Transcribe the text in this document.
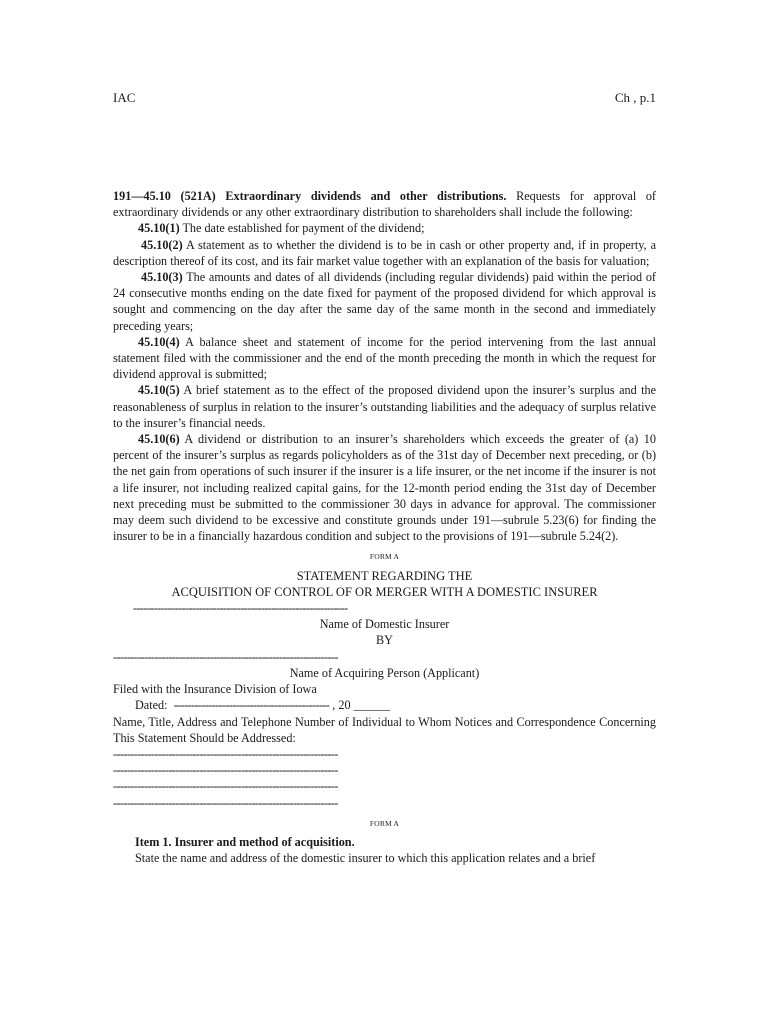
IAC	Ch , p.1

191—45.10 (521A) Extraordinary dividends and other distributions. Requests for approval of extraordinary dividends or any other extraordinary distribution to shareholders shall include the following:

45.10(1) The date established for payment of the dividend;

45.10(2) A statement as to whether the dividend is to be in cash or other property and, if in property, a description thereof of its cost, and its fair market value together with an explanation of the basis for valuation;

45.10(3) The amounts and dates of all dividends (including regular dividends) paid within the period of 24 consecutive months ending on the date fixed for payment of the proposed dividend for which approval is sought and commencing on the day after the same day of the same month in the second and immediately preceding years;

45.10(4) A balance sheet and statement of income for the period intervening from the last annual statement filed with the commissioner and the end of the month preceding the month in which the request for dividend approval is submitted;

45.10(5) A brief statement as to the effect of the proposed dividend upon the insurer’s surplus and the reasonableness of surplus in relation to the insurer’s outstanding liabilities and the adequacy of surplus relative to the insurer’s financial needs.

45.10(6) A dividend or distribution to an insurer’s shareholders which exceeds the greater of (a) 10 percent of the insurer’s surplus as regards policyholders as of the 31st day of December next preceding, or (b) the net gain from operations of such insurer if the insurer is a life insurer, or the net income if the insurer is not a life insurer, not including realized capital gains, for the 12-month period ending the 31st day of December next preceding must be submitted to the commissioner 30 days in advance for approval. The commissioner may deem such dividend to be excessive and constitute grounds under 191—subrule 5.23(6) for finding the insurer to be in a financially hazardous condition and subject to the provisions of 191—subrule 5.24(2).

FORM A
STATEMENT REGARDING THE
ACQUISITION OF CONTROL OF OR MERGER WITH A DOMESTIC INSURER
--------------------------------------------------------------
Name of Domestic Insurer
BY
-----------------------------------------------------------------
Name of Acquiring Person (Applicant)
Filed with the Insurance Division of Iowa
Dated: --------------------------------------------- , 20 ______

Name, Title, Address and Telephone Number of Individual to Whom Notices and Correspondence Concerning This Statement Should be Addressed:

-----------------------------------------------------------------
-----------------------------------------------------------------
-----------------------------------------------------------------
-----------------------------------------------------------------
FORM A
Item 1. Insurer and method of acquisition.

State the name and address of the domestic insurer to which this application relates and a brief
